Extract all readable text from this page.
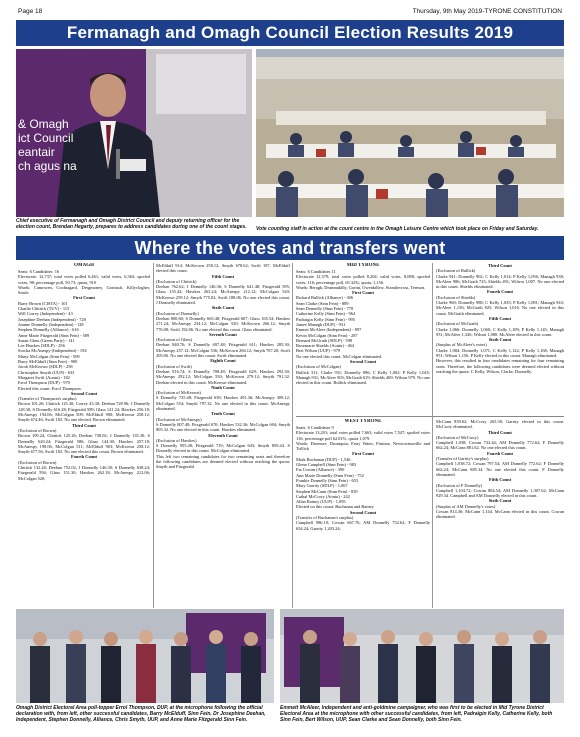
Page 18	Thursday, 9th May 2019-TYRONE CONSTITUTION
Fermanagh and Omagh Council Election Results 2019
& Omagh
ict Council
eantair
ch agus na
Chief executive of Fermanagh and Omagh District Council and deputy returning officer for the election count, Brendan Hegarty, prepares to address candidates during one of the count stages.	Vote counting staff in action at the count centre in the Omagh Leisure Centre which took place on Friday and Saturday.
Where the votes and transfers went

OMAGH

Seats: 6 Candidates: 16

Electorate: 12,737; total votes polled 6,461; valid votes, 6,363; spoiled votes, 98; percentage poll, 50.73; quota, 910

Wards: Camowen, Coolnagard, Dergmoney, Gortrush, Killyclogher, Strule.

First Count

Barry Brown (CISTA) - 101

Charlie Chittick (TUV) - 115

Will Correy (Independent) - 43

Josephine Deehan (Independent) - 728

Joanne Donnelly (Independent) - 128

Stephen Donnelly (Alliance) - 616

Anne Marie Fitzgerald (Sinn Fein) - 589

Susan Glass (Green Party) - 141

Lee Hawkes (SDLP) - 256

Sorcha McAnespy (Independent) - 194

Marty McColgan (Sinn Fein) - 509

Barry McElduff (Sinn Fein) - 900

Jacob McKeown (SDLP) - 258

Christopher Smyth (UUP) - 633

Margaret Swift (Aontu) - 182

Errol Thompson (DUP) - 970

Elected this count: Errol Thompson.

Second Count

(Transfer of Thompson's surplus)

Brown 101.26; Chittick 125.30; Correy 43.30; Deehan 728.96; J Donnelly 128.30; S Donnelly 616.28; Fitzgerald 589; Glass 141.24; Hawkes 256.18; McAnespy 194.06; McColgan 509; McElduff 900; McKeown 258.12; Smyth 674.46; Swift 182. No one elected. Brown eliminated.

Third Count

(Exclusion of Brown)

Brown 109.24; Chittick 125.26; Deehan 738.02; J Donnelly 135.30; S Donnelly 620.24; Fitzgerald 586; Glass 144.30; Hawkes 257.18; McAnespy 198.06; McColgan 511; McElduff 903; McKeown 258.12; Smyth 677.56; Swift 182. No one elected this count. Brown eliminated.

Fourth Count

(Exclusion of Brown)

Chittick 132.26; Deehan 752.02; J Donnelly 146.30; S Donnelly 638.24; Fitzgerald 594; Glass 151.30; Hawkes 262.18; McAnespy 212.06; McColgan 520;

McElduff 914; McKeown 258.12; Smyth 678.62; Swift 187. McElduff elected this count.

Fifth Count

(Exclusion of Chittick)

Deehan 762.62; J Donnelly 146.36; S Donnelly 641.48; Fitzgerald 595; Glass 155.42; Hawkes 263.24; McAnespy 212.12; McColgan 520; McKeown 259.12; Smyth 775.02; Swift 188.06. No one elected this count. J Donnelly eliminated.

Sixth Count

(Exclusion of Donnelly)

Deehan 800.60; S Donnelly 665.48; Fitzgerald 607; Glass 165.54; Hawkes 271.24; McAnespy 234.12; McColgan 530; McKeown 266.12; Smyth 776.08; Swift 192.06. No one elected this count. Glass eliminated.

Seventh Count

(Exclusion of Glass)

Deehan 840.76; S Donnelly 697.48; Fitzgerald 611; Hawkes 285.30; McAnespy 257.12; McColgan 536; McKeown 266.12; Smyth 787.20; Swift 205.06. No one elected this count. Swift eliminated.

Eighth Count

(Exclusion of Swift)

Deehan 916.74; S Donnelly 708.48; Fitzgerald 629; Hawkes 292.30; McAnespy 292.12; McColgan 550; McKeown 279.12; Smyth 791.32. Deehan elected in this count. McKeown eliminated.

Ninth Count

(Exclusion of McKeown)

S Donnelly 735.48; Fitzgerald 639; Hawkes 491.36; McAnespy 309.12; McColgan 554; Smyth 797.32. No one elected in this count. McAnespy eliminated.

Tenth Count

(Exclusion of McAnespy)

S Donnelly 807.48; Fitzgerald 670; Hawkes 532.36; McColgan 604; Smyth 803.32. No one elected in this count. Hawkes eliminated.

Eleventh Count

(Exclusion of Hawkes)

S Donnelly 955.48; Fitzgerald 719; McColgan 643; Smyth 859.44. S Donnelly elected in this count. McColgan eliminated.

This left two remaining candidates for two remaining seats and therefore the following candidates are deemed elected without reaching the quota: Smyth and Fitzgerald.

MID TYRONE

Seats: 6 Candidates 11

Electorate 12,579; total votes polled 8,204; valid votes, 8,088; spoiled votes, 116; percentage poll, 65.32%; quota, 1,156.

Wards: Beragh, Drumnakilly, Gortin, Owenkillew, Sixmilecross, Termon.

First Count

Richard Bullick (Alliance) - 306

Sean Clarke (Sinn Fein) - 889

Sean Donnelly (Sinn Fein) - 778

Catherine Kelly (Sinn Fein) - 964

Padraigin Kelly (Sinn Fein) - 995

James Managh (DUP) - 931

Emmet McAleer (Independent) - 897

Kevin McColgan (Sinn Fein) - 287

Bernard McGrath (SDLP) - 598

Rosemarie Shields (Aontu) - 464

Bert Wilson (UUP) - 979

No one elected this count. McColgan eliminated.

Second Count

(Exclusion of McColgan)

Bullick 311; Clarke 931; Donnelly 896; C Kelly 1,002; P Kelly 1,045; Managh 931; McAleer 903; McGrath 619; Shields 469; Wilson 979. No one elected in this count. Bullick eliminated.

Third Count

(Exclusion of Bullick)

Clarke 941; Donnelly 902; C Kelly 1,014; P Kelly 1,056; Managh 938; McAleer 986; McGrath 725; Shields 491; Wilson 1,007. No one elected in this count. Shields eliminated.

Fourth Count

(Exclusion of Shields)

Clarke 960; Donnelly 988; C Kelly 1,035; P Kelly 1,081; Managh 943; McAleer 1,156; McGrath 825; Wilson 1,016. No one elected in this count. McGrath eliminated.

Fifth Count

(Exclusion of McGrath)

Clarke 1,066; Donnelly 1,060; C Kelly 1,109; P Kelly 1,145; Managh 951; McAleer 1,326; Wilson 1,080. McAleer elected in this count.

Sixth Count

(Surplus of McAleer's votes)

Clarke 1,084; Donnelly 1,071; C Kelly 1,122; P Kelly 1,168; Managh 951; Wilson 1,156. P Kelly elected in this count. Managh eliminated.

However, this resulted in four candidates remaining for four remaining seats. Therefore, the following candidates were deemed elected without reaching the quota: C Kelly, Wilson, Clarke, Donnelly.

WEST TYRONE

Seats: 6 Candidates 9

Electorate 13,201; total votes polled 7,663; valid votes 7,547; spoiled votes 116; percentage poll 62.81%, quota 1,079.

Wards: Dromore, Drumquin, Fairy Water, Fintona, Newtownsaville and Trillick

First Count

Mark Buchanan (DUP) - 1,546

Glenn Campbell (Sinn Fein) - 983

Fia Cowan (Alliance) - 390

Ann Marie Donnelly (Sinn Fein) - 752

Frankie Donnelly (Sinn Fein) - 653

Mary Garrity (SDLP) - 1,067

Stephen McCann (Sinn Fein) - 839

Cathal McCrory (Aontu) - 242

Allan Rainey (UUP) - 1,095

Elected on this count: Buchanan and Rainey

Second Count

(Transfer of Buchanan's surplus)

Campbell 986.10; Cowan 667.76; AM Donnelly 752.62; F Donnelly 654.24; Garrity 1,203.24;

McCann 839.62; McCrory 265.38; Garrity elected in this count. McCrory eliminated.

Third Count

(Exclusion of McCrory)

Campbell 1,038; Cowan 732.44; AM Donnelly 772.62; F Donnelly 662.24; McCann 881.62. No one elected this count.

Fourth Count

(Transfer of Garrity's surplus)

Campbell 1,038.72; Cowan 797.54; AM Donnelly 772.62; F Donnelly 662.24; McCann 885.34. No one elected this count. F Donnelly eliminated.

Fifth Count

(Exclusion of F Donnelly)

Campbell 1,104.72; Cowan 804.54; AM Donnelly 1,307.62; McCann 929.34. Campbell and AM Donnelly elected in this count.

Sixth Count

(Surplus of AM Donnelly's votes)

Cowan 814.36; McCann 1,144. McCann elected in this count. Cowan eliminated.

Omagh District Electoral Area poll-topper Errol Thompson, DUP, at the microphone following the official declaration with, from left, other successful candidates, Barry McElduff, Sinn Fein, Dr Josephine Deehan, Independent, Stephen Donnelly, Alliance, Chris Smyth, UUP, and Anne Marie Fitzgerald Sinn Fein.
Emmett McAleer, Independent and anti-goldmine campaigner, who was first to be elected in Mid Tyrone District Electoral Area at the microphone with other successful candidates, from left, Padraigin Kelly, Catherine Kelly, both Sinn Fein, Bert Wilson, UUP, Sean Clarke and Sean Donnelly, both Sinn Fein.
